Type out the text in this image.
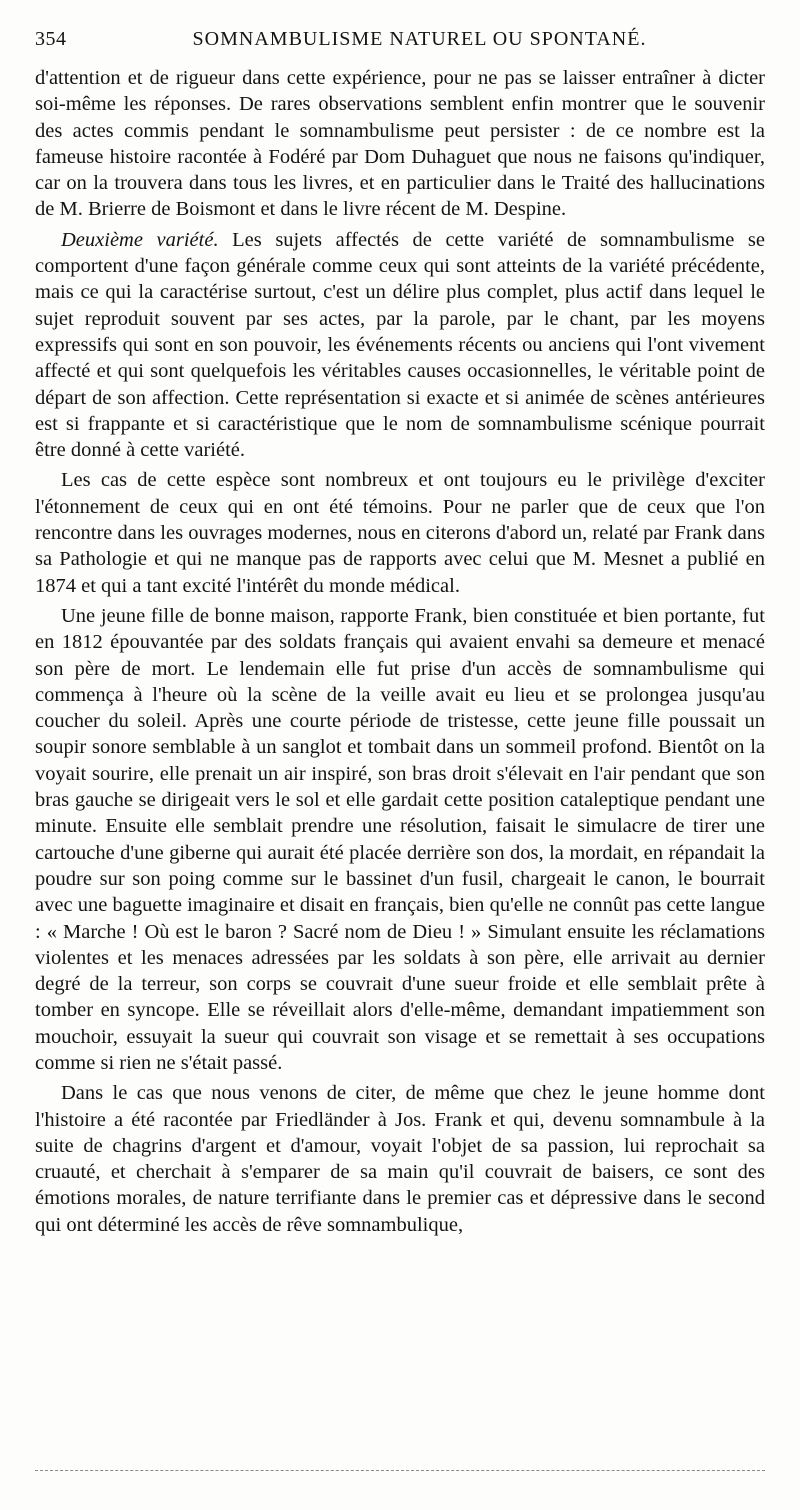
354	SOMNAMBULISME NATUREL OU SPONTANÉ.

d'attention et de rigueur dans cette expérience, pour ne pas se laisser entraîner à dicter soi-même les réponses. De rares observations semblent enfin montrer que le souvenir des actes commis pendant le somnambulisme peut persister : de ce nombre est la fameuse histoire racontée à Fodéré par Dom Duhaguet que nous ne faisons qu'indiquer, car on la trouvera dans tous les livres, et en particulier dans le Traité des hallucinations de M. Brierre de Boismont et dans le livre récent de M. Despine.

Deuxième variété. Les sujets affectés de cette variété de somnambulisme se comportent d'une façon générale comme ceux qui sont atteints de la variété précédente, mais ce qui la caractérise surtout, c'est un délire plus complet, plus actif dans lequel le sujet reproduit souvent par ses actes, par la parole, par le chant, par les moyens expressifs qui sont en son pouvoir, les événements récents ou anciens qui l'ont vivement affecté et qui sont quelquefois les véritables causes occasionnelles, le véritable point de départ de son affection. Cette représentation si exacte et si animée de scènes antérieures est si frappante et si caractéristique que le nom de somnambulisme scénique pourrait être donné à cette variété.

Les cas de cette espèce sont nombreux et ont toujours eu le privilège d'exciter l'étonnement de ceux qui en ont été témoins. Pour ne parler que de ceux que l'on rencontre dans les ouvrages modernes, nous en citerons d'abord un, relaté par Frank dans sa Pathologie et qui ne manque pas de rapports avec celui que M. Mesnet a publié en 1874 et qui a tant excité l'intérêt du monde médical.

Une jeune fille de bonne maison, rapporte Frank, bien constituée et bien portante, fut en 1812 épouvantée par des soldats français qui avaient envahi sa demeure et menacé son père de mort. Le lendemain elle fut prise d'un accès de somnambulisme qui commença à l'heure où la scène de la veille avait eu lieu et se prolongea jusqu'au coucher du soleil. Après une courte période de tristesse, cette jeune fille poussait un soupir sonore semblable à un sanglot et tombait dans un sommeil profond. Bientôt on la voyait sourire, elle prenait un air inspiré, son bras droit s'élevait en l'air pendant que son bras gauche se dirigeait vers le sol et elle gardait cette position cataleptique pendant une minute. Ensuite elle semblait prendre une résolution, faisait le simulacre de tirer une cartouche d'une giberne qui aurait été placée derrière son dos, la mordait, en répandait la poudre sur son poing comme sur le bassinet d'un fusil, chargeait le canon, le bourrait avec une baguette imaginaire et disait en français, bien qu'elle ne connût pas cette langue : « Marche ! Où est le baron ? Sacré nom de Dieu ! » Simulant ensuite les réclamations violentes et les menaces adressées par les soldats à son père, elle arrivait au dernier degré de la terreur, son corps se couvrait d'une sueur froide et elle semblait prête à tomber en syncope. Elle se réveillait alors d'elle-même, demandant impatiemment son mouchoir, essuyait la sueur qui couvrait son visage et se remettait à ses occupations comme si rien ne s'était passé.

Dans le cas que nous venons de citer, de même que chez le jeune homme dont l'histoire a été racontée par Friedländer à Jos. Frank et qui, devenu somnambule à la suite de chagrins d'argent et d'amour, voyait l'objet de sa passion, lui reprochait sa cruauté, et cherchait à s'emparer de sa main qu'il couvrait de baisers, ce sont des émotions morales, de nature terrifiante dans le premier cas et dépressive dans le second qui ont déterminé les accès de rêve somnambulique,
